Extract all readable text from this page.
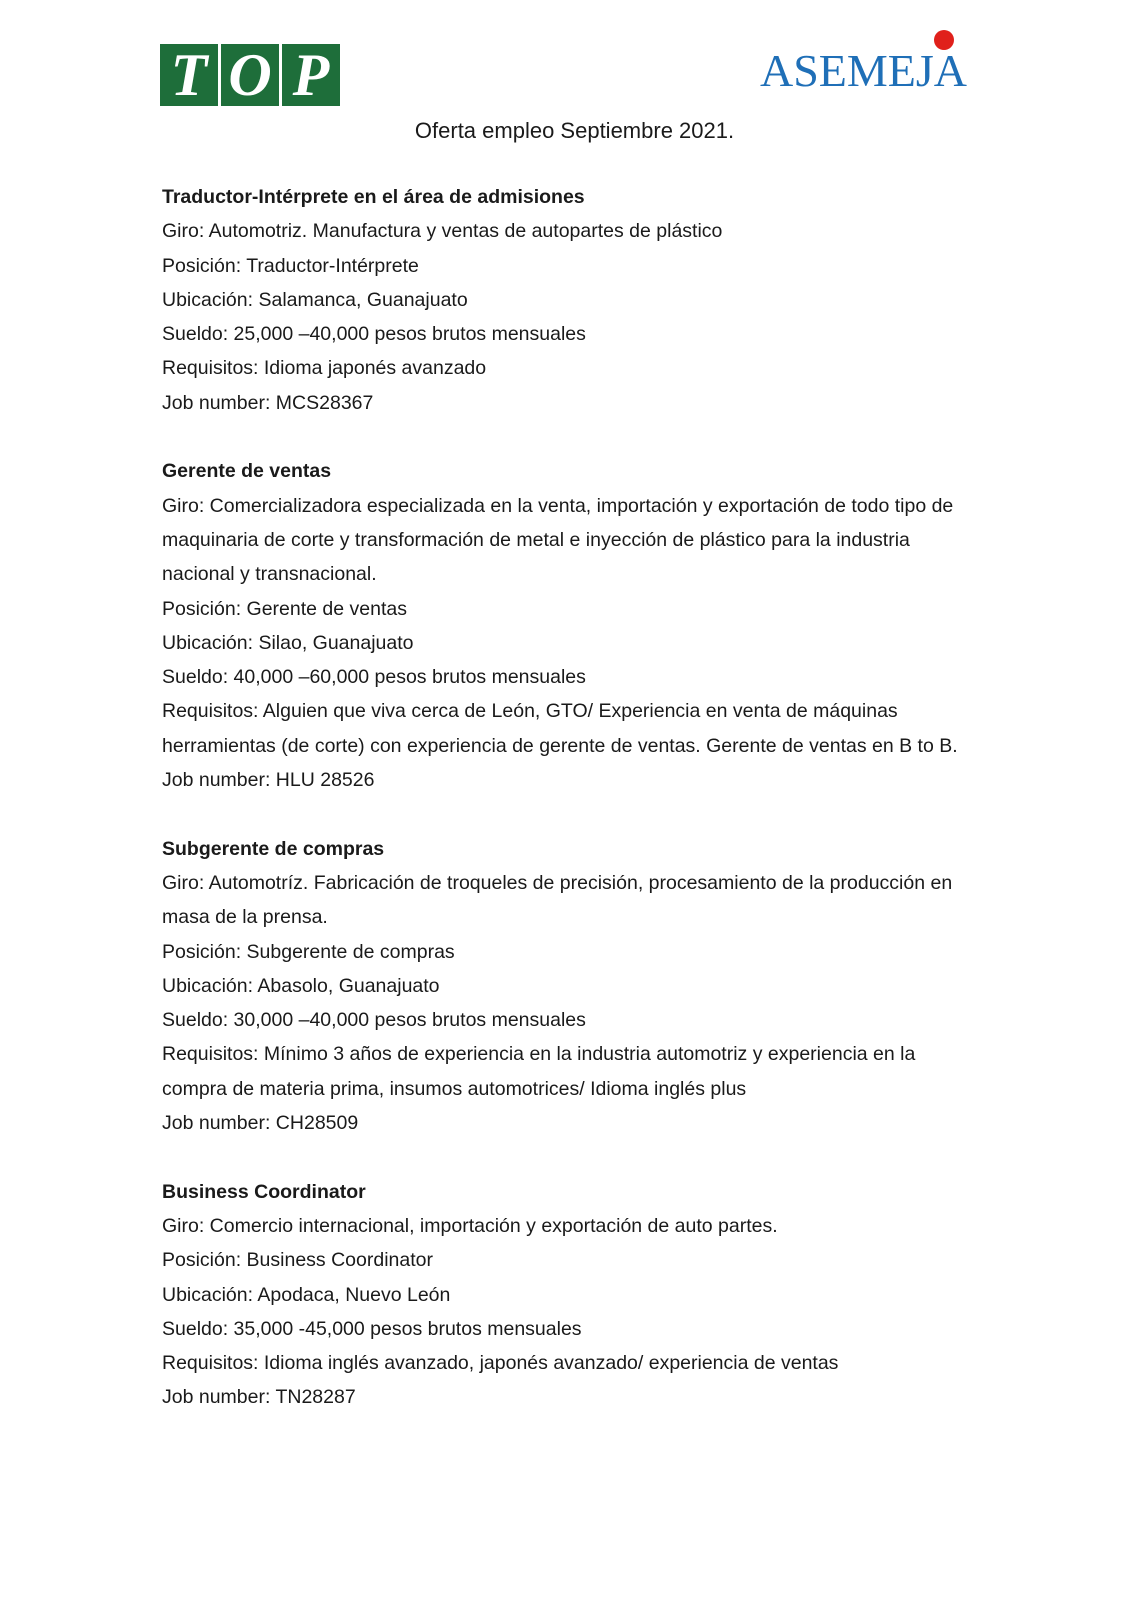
T O P	ASEMEJA
Oferta empleo Septiembre 2021.
Traductor-Intérprete en el área de admisiones
Giro: Automotriz. Manufactura y ventas de autopartes de plástico
Posición: Traductor-Intérprete
Ubicación: Salamanca, Guanajuato
Sueldo: 25,000 –40,000 pesos brutos mensuales
Requisitos: Idioma japonés avanzado
Job number: MCS28367
Gerente de ventas
Giro: Comercializadora especializada en la venta, importación y exportación de todo tipo de maquinaria de corte y transformación de metal e inyección de plástico para la industria nacional y transnacional.
Posición: Gerente de ventas
Ubicación: Silao, Guanajuato
Sueldo: 40,000 –60,000 pesos brutos mensuales
Requisitos: Alguien que viva cerca de León, GTO/ Experiencia en venta de máquinas herramientas (de corte) con experiencia de gerente de ventas. Gerente de ventas en B to B.
Job number: HLU 28526
Subgerente de compras
Giro: Automotríz. Fabricación de troqueles de precisión, procesamiento de la producción en masa de la prensa.
Posición: Subgerente de compras
Ubicación: Abasolo, Guanajuato
Sueldo: 30,000 –40,000 pesos brutos mensuales
Requisitos: Mínimo 3 años de experiencia en la industria automotriz y experiencia en la compra de materia prima, insumos automotrices/ Idioma inglés plus
Job number: CH28509
Business Coordinator
Giro: Comercio internacional, importación y exportación de auto partes.
Posición: Business Coordinator
Ubicación: Apodaca, Nuevo León
Sueldo: 35,000 -45,000 pesos brutos mensuales
Requisitos: Idioma inglés avanzado, japonés avanzado/ experiencia de ventas
Job number: TN28287
